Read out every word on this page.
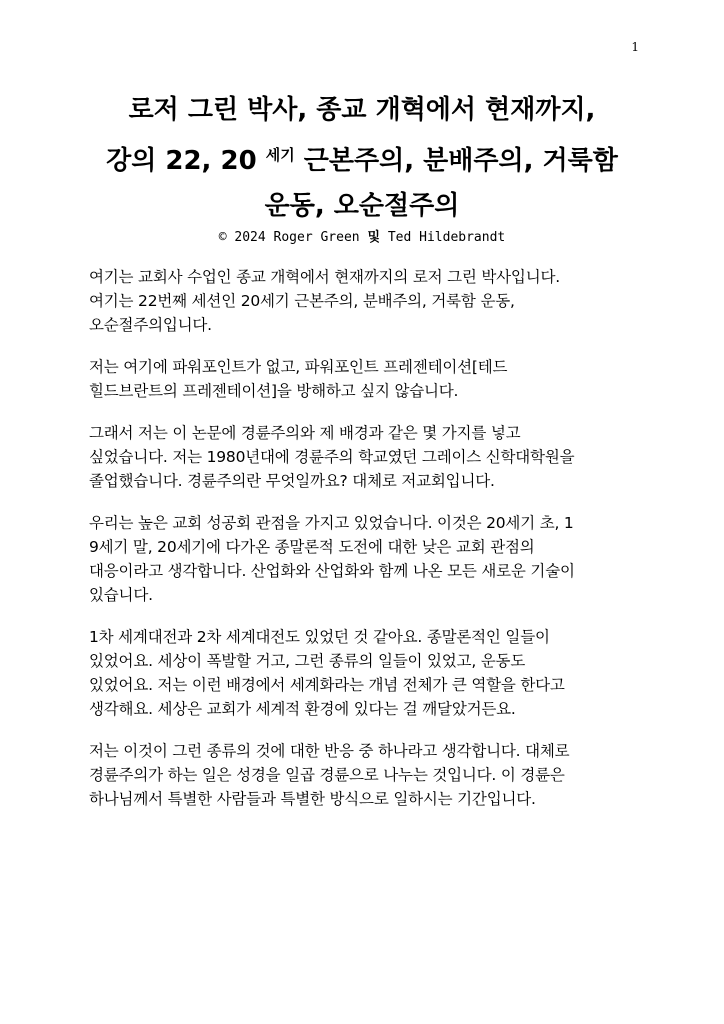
1
로저 그린 박사, 종교 개혁에서 현재까지,
강의 22, 20 $^{세기}$ 근본주의, 분배주의, 거룩함
운동, 오순절주의
© 2024 Roger Green 및 Ted Hildebrandt

여기는 교회사 수업인 종교 개혁에서 현재까지의 로저 그린 박사입니다.
여기는 22번째 세션인 20세기 근본주의, 분배주의, 거룩함 운동,
오순절주의입니다.

저는 여기에 파워포인트가 없고, 파워포인트 프레젠테이션[테드
힐드브란트의 프레젠테이션]을 방해하고 싶지 않습니다.

그래서 저는 이 논문에 경륜주의와 제 배경과 같은 몇 가지를 넣고
싶었습니다. 저는 1980년대에 경륜주의 학교였던 그레이스 신학대학원을
졸업했습니다. 경륜주의란 무엇일까요? 대체로 저교회입니다.

우리는 높은 교회 성공회 관점을 가지고 있었습니다. 이것은 20세기 초, 1
9세기 말, 20세기에 다가온 종말론적 도전에 대한 낮은 교회 관점의
대응이라고 생각합니다. 산업화와 산업화와 함께 나온 모든 새로운 기술이
있습니다.

1차 세계대전과 2차 세계대전도 있었던 것 같아요. 종말론적인 일들이
있었어요. 세상이 폭발할 거고, 그런 종류의 일들이 있었고, 운동도
있었어요. 저는 이런 배경에서 세계화라는 개념 전체가 큰 역할을 한다고
생각해요. 세상은 교회가 세계적 환경에 있다는 걸 깨달았거든요.

저는 이것이 그런 종류의 것에 대한 반응 중 하나라고 생각합니다. 대체로
경륜주의가 하는 일은 성경을 일곱 경륜으로 나누는 것입니다. 이 경륜은
하나님께서 특별한 사람들과 특별한 방식으로 일하시는 기간입니다.
